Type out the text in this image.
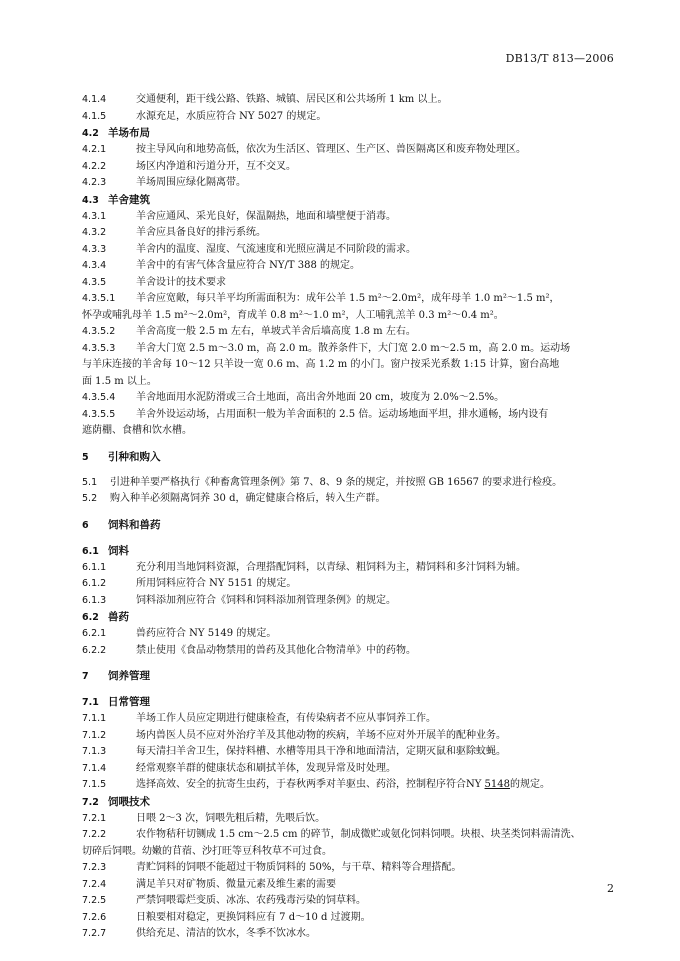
DB13/T 813—2006
4.1.4	交通便利，距干线公路、铁路、城镇、居民区和公共场所 1 km 以上。
4.1.5	水源充足，水质应符合 NY 5027 的规定。
4.2 羊场布局
4.2.1	按主导风向和地势高低，依次为生活区、管理区、生产区、兽医隔离区和废弃物处理区。
4.2.2	场区内净道和污道分开，互不交叉。
4.2.3	羊场周围应绿化隔离带。
4.3 羊舍建筑
4.3.1	羊舍应通风、采光良好，保温隔热，地面和墙壁便于消毒。
4.3.2	羊舍应具备良好的排污系统。
4.3.3	羊舍内的温度、湿度、气流速度和光照应满足不同阶段的需求。
4.3.4	羊舍中的有害气体含量应符合 NY/T 388 的规定。
4.3.5	羊舍设计的技术要求
4.3.5.1 羊舍应宽敞，每只羊平均所需面积为：成年公羊 1.5 m²～2.0m²，成年母羊 1.0 m²～1.5 m²，
怀孕或哺乳母羊 1.5 m²～2.0m²，育成羊 0.8 m²～1.0 m²，人工哺乳羔羊 0.3 m²～0.4 m²。
4.3.5.2 羊舍高度一般 2.5 m 左右，单坡式羊舍后墙高度 1.8 m 左右。
4.3.5.3 羊舍大门宽 2.5 m～3.0 m，高 2.0 m。散养条件下，大门宽 2.0 m～2.5 m，高 2.0 m。运动场
与羊床连接的羊舍每 10～12 只羊设一宽 0.6 m、高 1.2 m 的小门。窗户按采光系数 1:15 计算，窗台高地
面 1.5 m 以上。
4.3.5.4 羊舍地面用水泥防滑或三合土地面，高出舍外地面 20 cm，坡度为 2.0%～2.5%。
4.3.5.5 羊舍外设运动场，占用面积一般为羊舍面积的 2.5 倍。运动场地面平坦，排水通畅，场内设有
遮荫棚、食槽和饮水槽。
5 引种和购入
5.1 引进种羊要严格执行《种畜禽管理条例》第 7、8、9 条的规定，并按照 GB 16567 的要求进行检疫。
5.2 购入种羊必须隔离饲养 30 d，确定健康合格后，转入生产群。
6 饲料和兽药
6.1 饲料
6.1.1	充分利用当地饲料资源，合理搭配饲料，以青绿、粗饲料为主，精饲料和多汁饲料为辅。
6.1.2	所用饲料应符合 NY 5151 的规定。
6.1.3	饲料添加剂应符合《饲料和饲料添加剂管理条例》的规定。
6.2 兽药
6.2.1	兽药应符合 NY 5149 的规定。
6.2.2	禁止使用《食品动物禁用的兽药及其他化合物清单》中的药物。
7 饲养管理
7.1 日常管理
7.1.1	羊场工作人员应定期进行健康检查，有传染病者不应从事饲养工作。
7.1.2	场内兽医人员不应对外治疗羊及其他动物的疾病，羊场不应对外开展羊的配种业务。
7.1.3	每天清扫羊舍卫生，保持料槽、水槽等用具干净和地面清洁，定期灭鼠和驱除蚊蝇。
7.1.4	经常观察羊群的健康状态和刷拭羊体，发现异常及时处理。
7.1.5	选择高效、安全的抗寄生虫药，于春秋两季对羊驱虫、药浴，控制程序符合NY 5148的规定。
7.2 饲喂技术
7.2.1	日喂 2～3 次，饲喂先粗后精，先喂后饮。
7.2.2	农作物秸秆切铡成 1.5 cm～2.5 cm 的碎节，制成微贮或氨化饲料饲喂。块根、块茎类饲料需清洗、
切碎后饲喂。幼嫩的苜蓿、沙打旺等豆科牧草不可过食。
7.2.3	青贮饲料的饲喂不能超过干物质饲料的 50%，与干草、精料等合理搭配。
7.2.4	满足羊只对矿物质、微量元素及维生素的需要
7.2.5	严禁饲喂霉烂变质、冰冻、农药残毒污染的饲草料。
7.2.6	日粮要相对稳定，更换饲料应有 7 d～10 d 过渡期。
7.2.7	供给充足、清洁的饮水，冬季不饮冰水。
2
